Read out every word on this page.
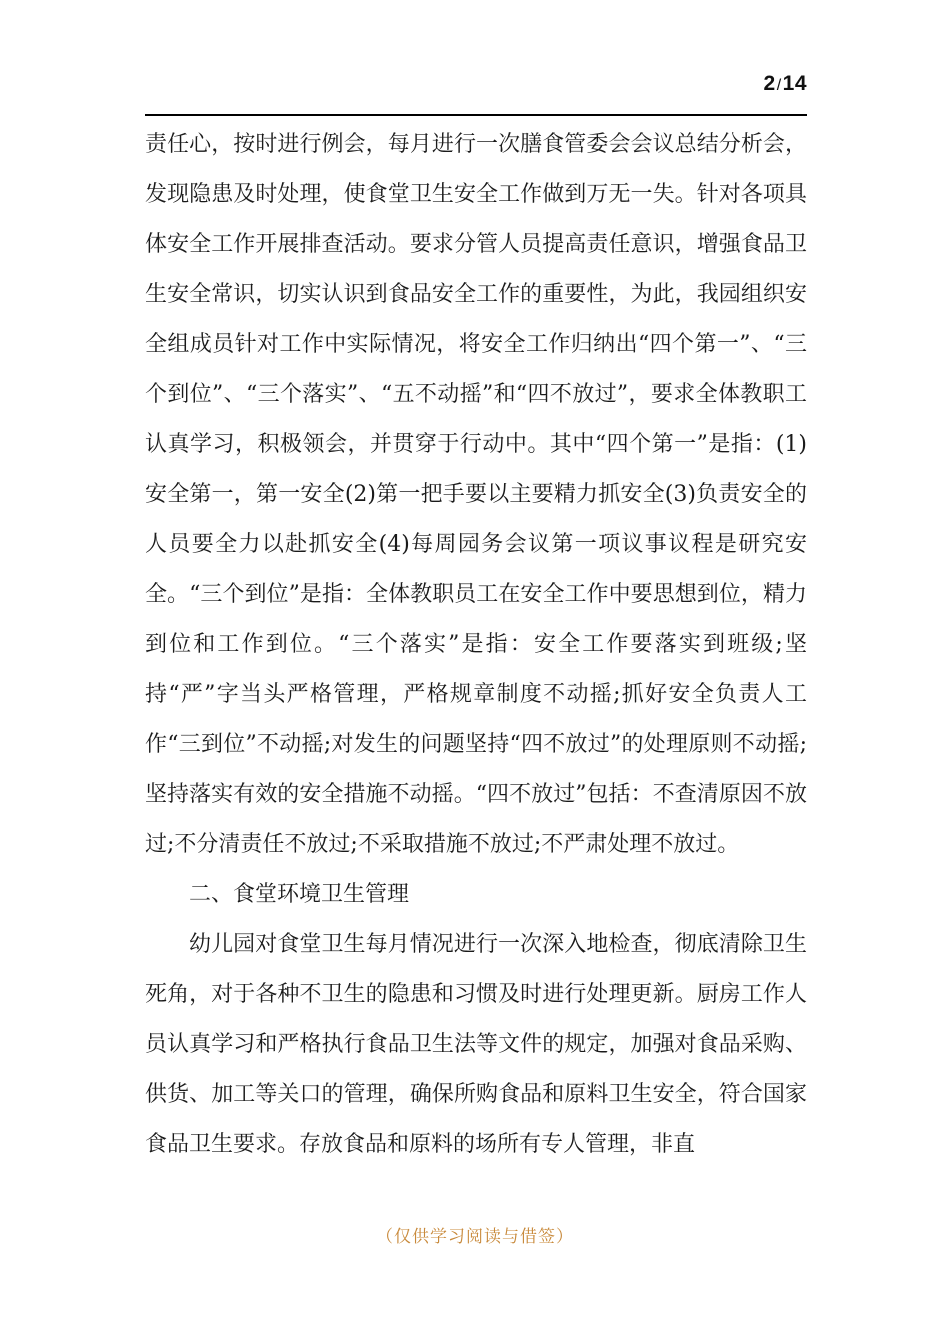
2/14

责任心，按时进行例会，每月进行一次膳食管委会会议总结分析会，发现隐患及时处理，使食堂卫生安全工作做到万无一失。针对各项具体安全工作开展排查活动。要求分管人员提高责任意识，增强食品卫生安全常识，切实认识到食品安全工作的重要性，为此，我园组织安全组成员针对工作中实际情况，将安全工作归纳出“四个第一”、“三个到位”、“三个落实”、“五不动摇”和“四不放过”，要求全体教职工认真学习，积极领会，并贯穿于行动中。其中“四个第一”是指：(1)安全第一，第一安全(2)第一把手要以主要精力抓安全(3)负责安全的人员要全力以赴抓安全(4)每周园务会议第一项议事议程是研究安全。“三个到位”是指：全体教职员工在安全工作中要思想到位，精力到位和工作到位。“三个落实”是指：安全工作要落实到班级;坚持“严”字当头严格管理，严格规章制度不动摇;抓好安全负责人工作“三到位”不动摇;对发生的问题坚持“四不放过”的处理原则不动摇;坚持落实有效的安全措施不动摇。“四不放过”包括：不查清原因不放过;不分清责任不放过;不采取措施不放过;不严肃处理不放过。

二、食堂环境卫生管理

幼儿园对食堂卫生每月情况进行一次深入地检查，彻底清除卫生死角，对于各种不卫生的隐患和习惯及时进行处理更新。厨房工作人员认真学习和严格执行食品卫生法等文件的规定，加强对食品采购、供货、加工等关口的管理，确保所购食品和原料卫生安全，符合国家食品卫生要求。存放食品和原料的场所有专人管理，非直

（仅供学习阅读与借签）
